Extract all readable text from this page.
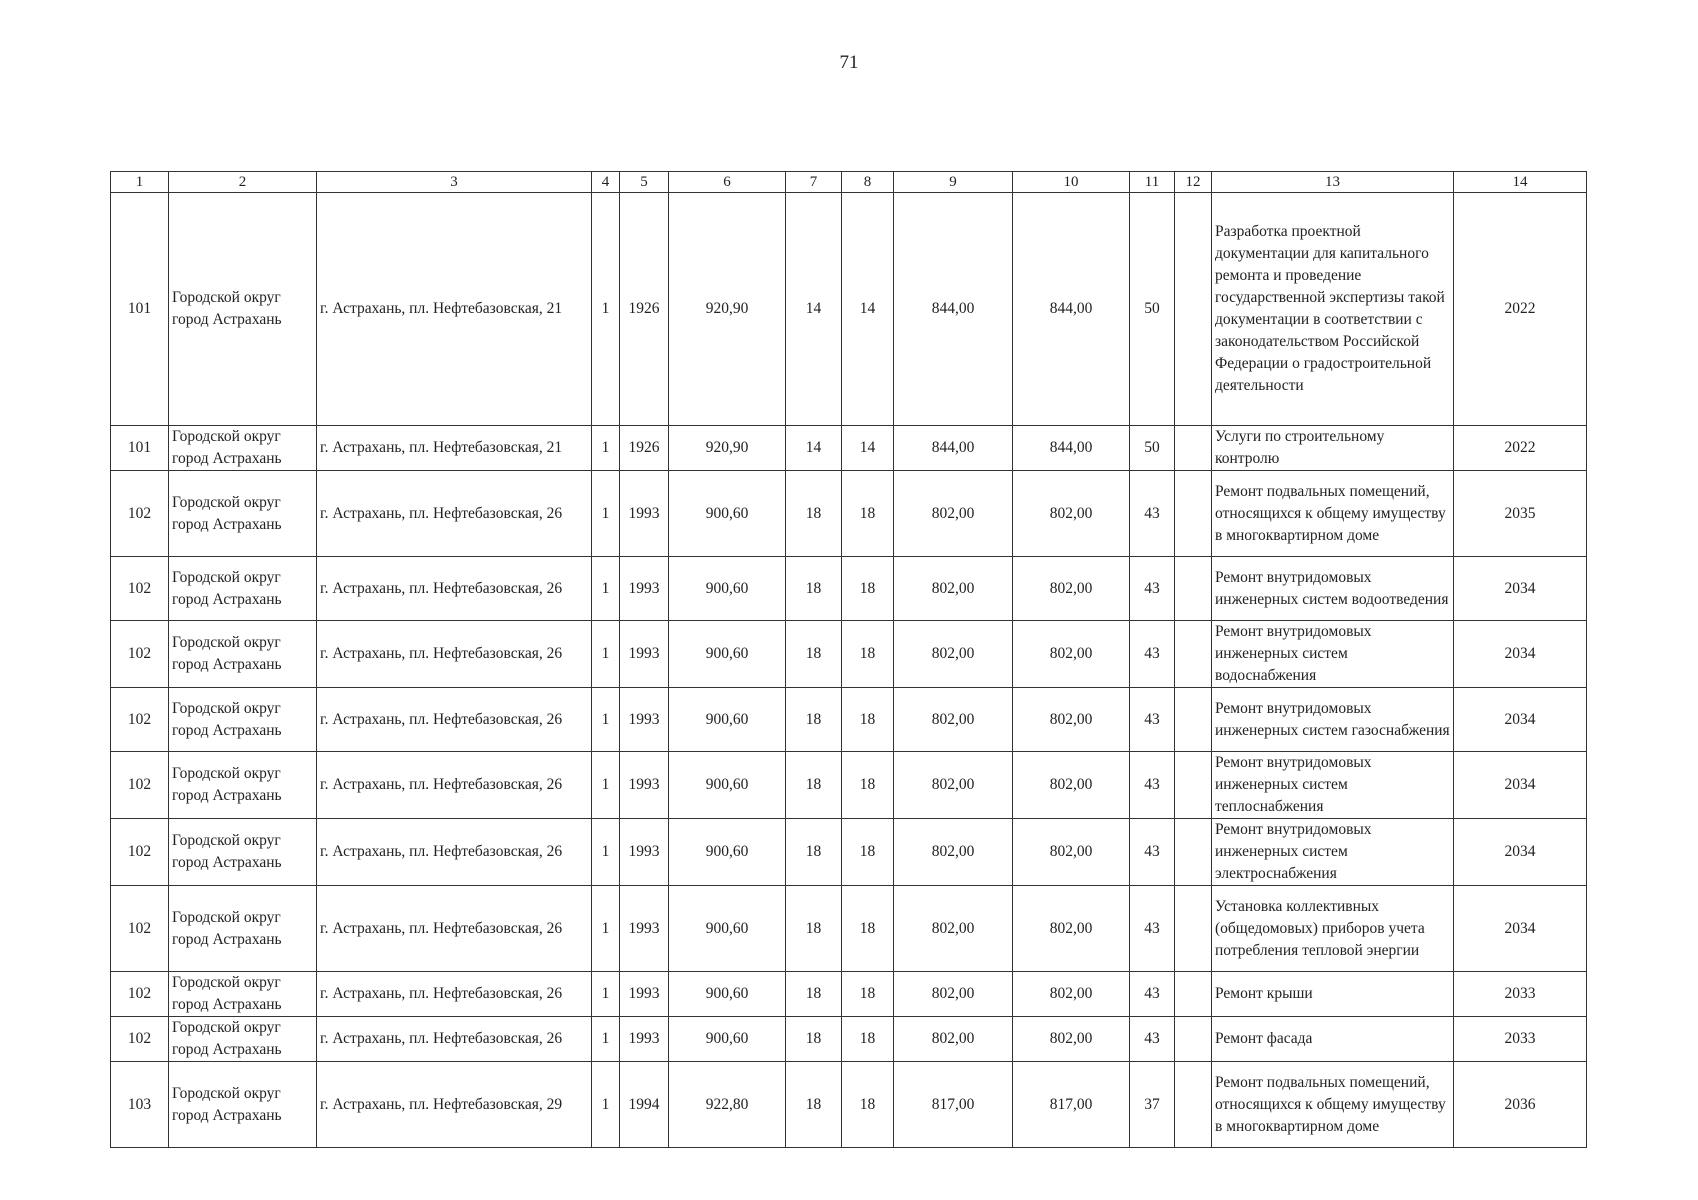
71
1	2	3	4	5	6	7	8	9	10	11	12	13	14
101	Городской округ город Астрахань	г. Астрахань, пл. Нефтебазовская, 21	1	1926	920,90	14	14	844,00	844,00	50		Разработка проектной документации для капитального ремонта и проведение государственной экспертизы такой документации в соответствии с законодательством Российской Федерации о градостроительной деятельности	2022
101	Городской округ город Астрахань	г. Астрахань, пл. Нефтебазовская, 21	1	1926	920,90	14	14	844,00	844,00	50		Услуги по строительному контролю	2022
102	Городской округ город Астрахань	г. Астрахань, пл. Нефтебазовская, 26	1	1993	900,60	18	18	802,00	802,00	43		Ремонт подвальных помещений, относящихся к общему имуществу в многоквартирном доме	2035
102	Городской округ город Астрахань	г. Астрахань, пл. Нефтебазовская, 26	1	1993	900,60	18	18	802,00	802,00	43		Ремонт внутридомовых инженерных систем водоотведения	2034
102	Городской округ город Астрахань	г. Астрахань, пл. Нефтебазовская, 26	1	1993	900,60	18	18	802,00	802,00	43		Ремонт внутридомовых инженерных систем водоснабжения	2034
102	Городской округ город Астрахань	г. Астрахань, пл. Нефтебазовская, 26	1	1993	900,60	18	18	802,00	802,00	43		Ремонт внутридомовых инженерных систем газоснабжения	2034
102	Городской округ город Астрахань	г. Астрахань, пл. Нефтебазовская, 26	1	1993	900,60	18	18	802,00	802,00	43		Ремонт внутридомовых инженерных систем теплоснабжения	2034
102	Городской округ город Астрахань	г. Астрахань, пл. Нефтебазовская, 26	1	1993	900,60	18	18	802,00	802,00	43		Ремонт внутридомовых инженерных систем электроснабжения	2034
102	Городской округ город Астрахань	г. Астрахань, пл. Нефтебазовская, 26	1	1993	900,60	18	18	802,00	802,00	43		Установка коллективных (общедомовых) приборов учета потребления тепловой энергии	2034
102	Городской округ город Астрахань	г. Астрахань, пл. Нефтебазовская, 26	1	1993	900,60	18	18	802,00	802,00	43		Ремонт крыши	2033
102	Городской округ город Астрахань	г. Астрахань, пл. Нефтебазовская, 26	1	1993	900,60	18	18	802,00	802,00	43		Ремонт фасада	2033
103	Городской округ город Астрахань	г. Астрахань, пл. Нефтебазовская, 29	1	1994	922,80	18	18	817,00	817,00	37		Ремонт подвальных помещений, относящихся к общему имуществу в многоквартирном доме	2036
